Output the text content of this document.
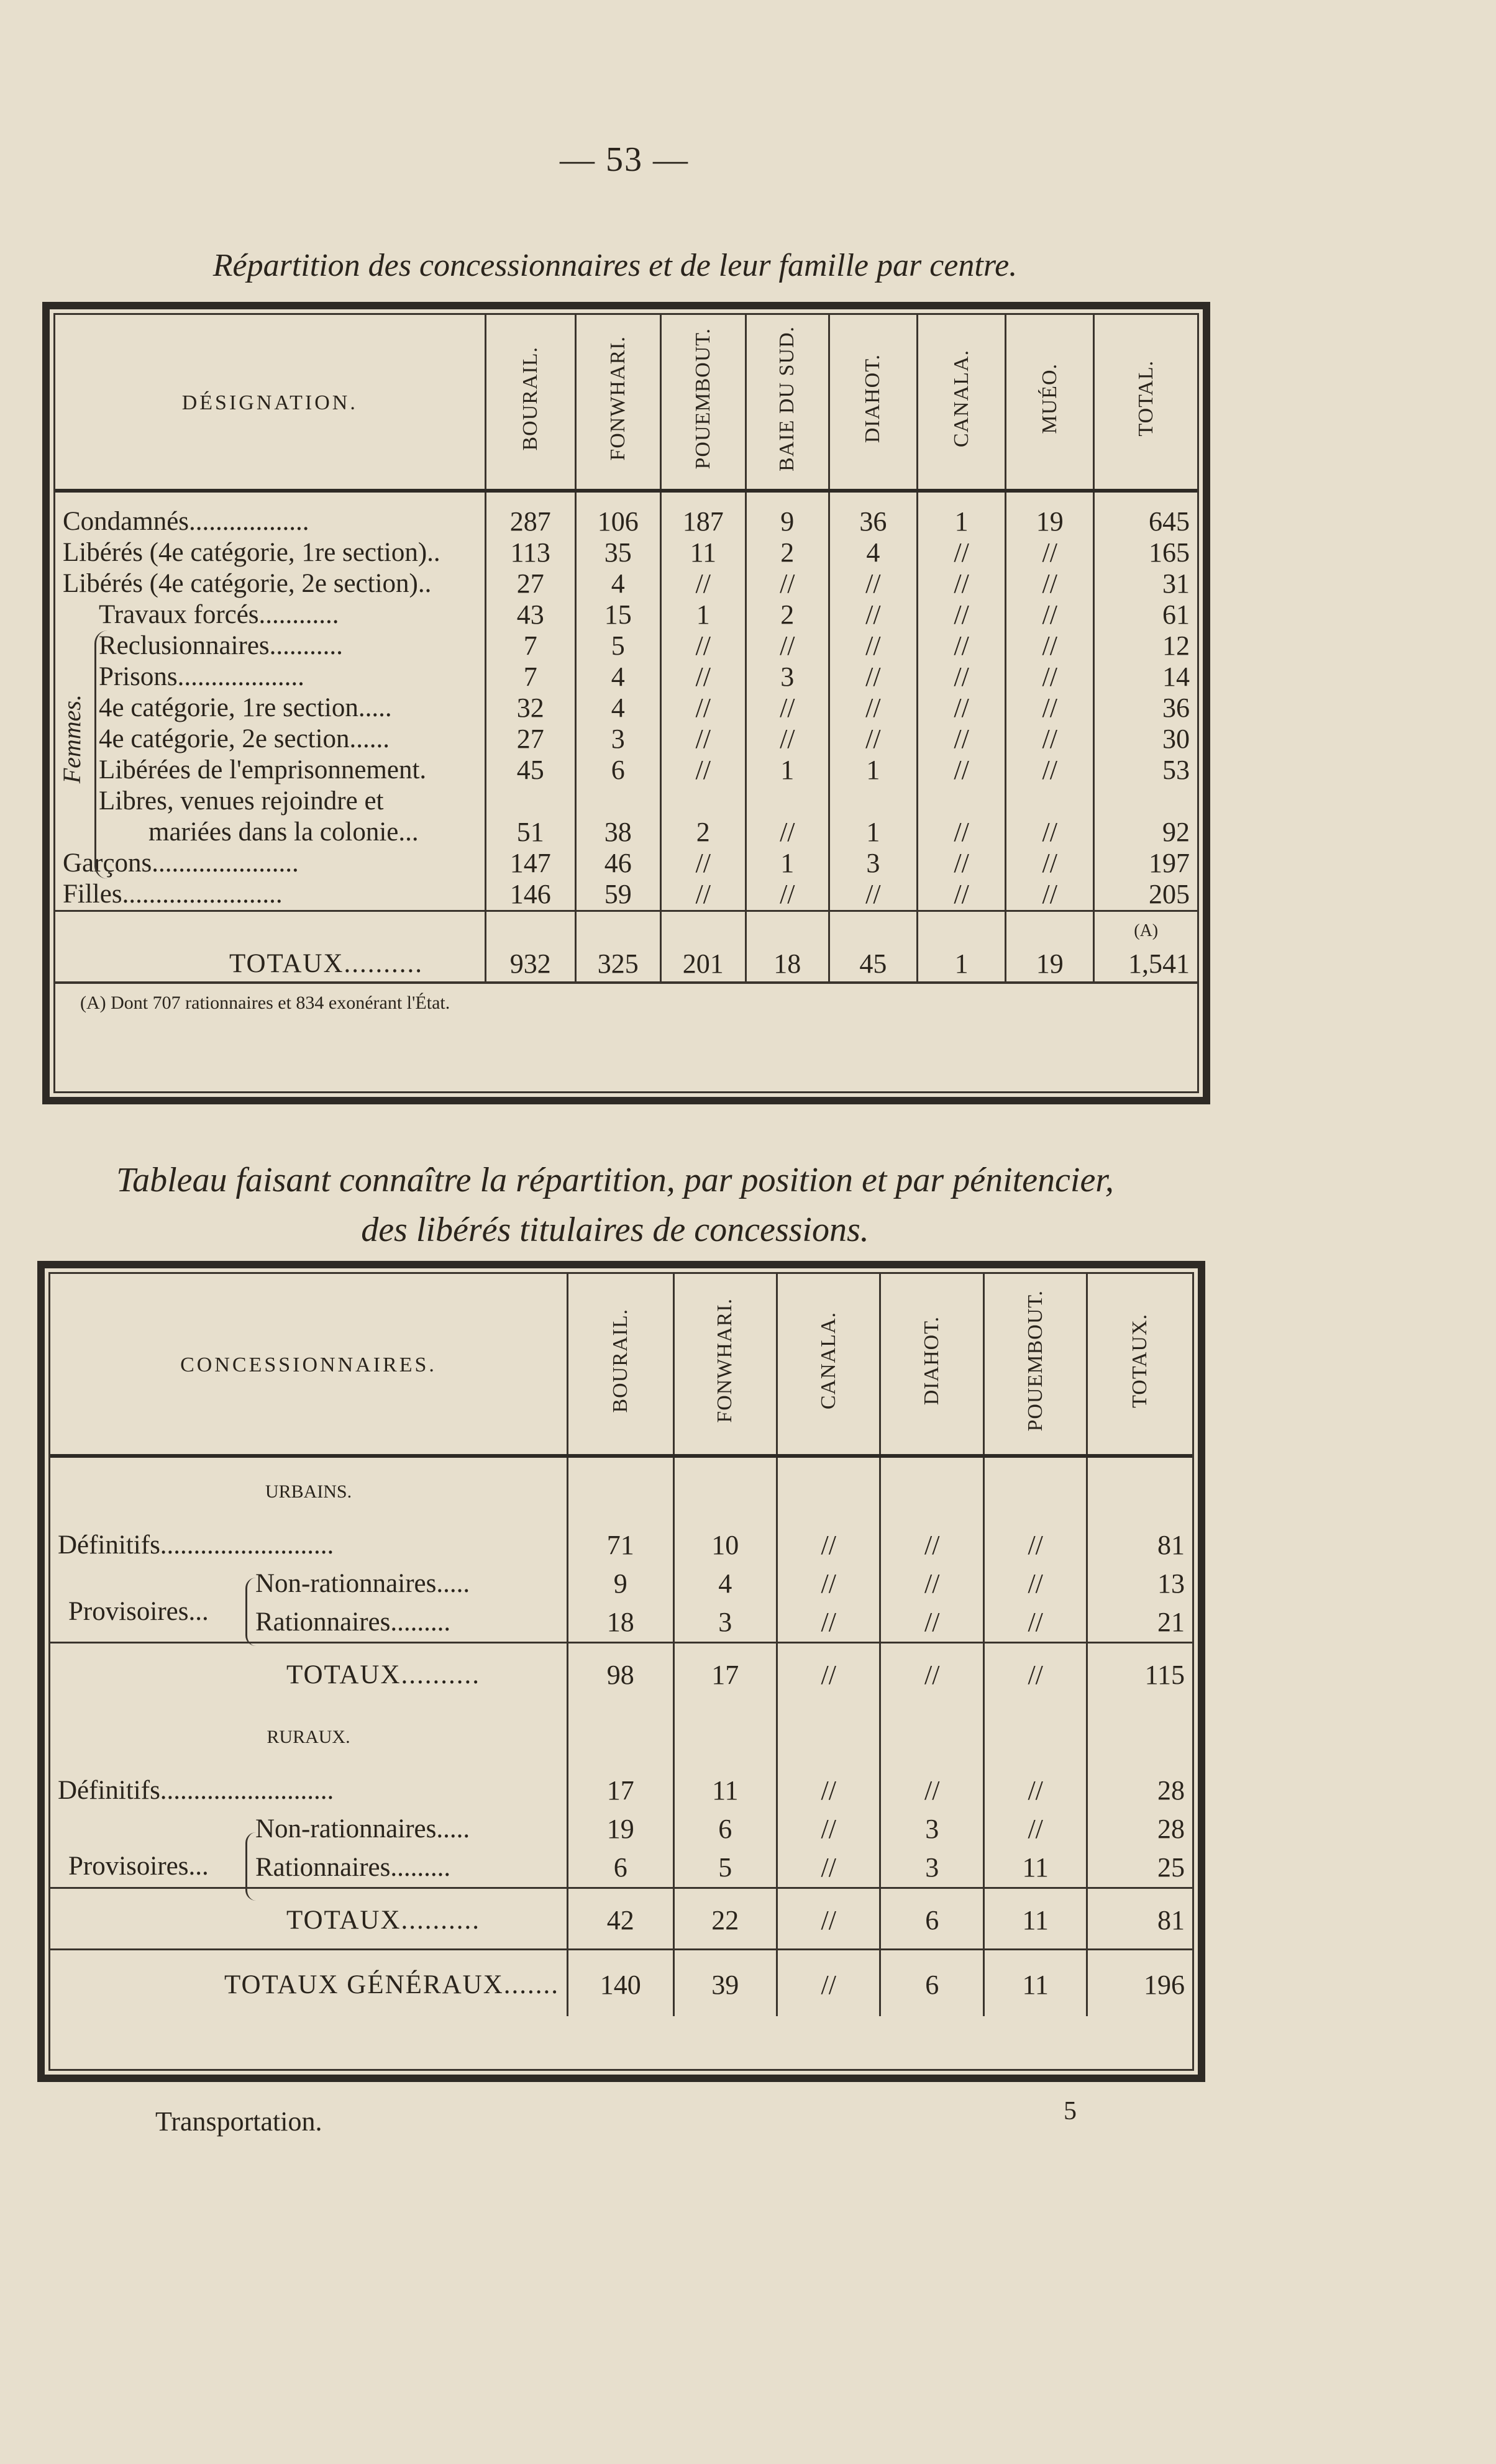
— 53 —
Répartition des concessionnaires et de leur famille par centre.
DÉSIGNATION.	BOURAIL.	FONWHARI.	POUEMBOUT.	BAIE DU SUD.	DIAHOT.	CANALA.	MUÉO.	TOTAL.
Condamnés..................	287	106	187	9	36	1	19	645
Libérés (4e catégorie, 1re section)..	113	35	11	2	4	//	//	165
Libérés (4e catégorie, 2e section)..	27	4	//	//	//	//	//	31
Travaux forcés............	43	15	1	2	//	//	//	61
Reclusionnaires...........	7	5	//	//	//	//	//	12
Prisons...................	7	4	//	3	//	//	//	14
4e catégorie, 1re section.....	32	4	//	//	//	//	//	36
4e catégorie, 2e section......	27	3	//	//	//	//	//	30
Libérées de l'emprisonnement.	45	6	//	1	1	//	//	53
Libres, venues rejoindre et								
mariées dans la colonie...	51	38	2	//	1	//	//	92
Garçons......................	147	46	//	1	3	//	//	197
Filles........................	146	59	//	//	//	//	//	205
								(A)
TOTAUX..........	932	325	201	18	45	1	19	1,541
(A) Dont 707 rationnaires et 834 exonérant l'État.
Femmes.
Tableau faisant connaître la répartition, par position et par pénitencier,
des libérés titulaires de concessions.
CONCESSIONNAIRES.	BOURAIL.	FONWHARI.	CANALA.	DIAHOT.	POUEMBOUT.	TOTAUX.
URBAINS.						
Définitifs..........................	71	10	//	//	//	81
Non-rationnaires.....	9	4	//	//	//	13
Rationnaires.........	18	3	//	//	//	21
TOTAUX..........	98	17	//	//	//	115
RURAUX.						
Définitifs..........................	17	11	//	//	//	28
Non-rationnaires.....	19	6	//	3	//	28
Rationnaires.........	6	5	//	3	11	25
TOTAUX..........	42	22	//	6	11	81
TOTAUX GÉNÉRAUX.......	140	39	//	6	11	196
Transportation.	5
Provisoires...
Provisoires...
